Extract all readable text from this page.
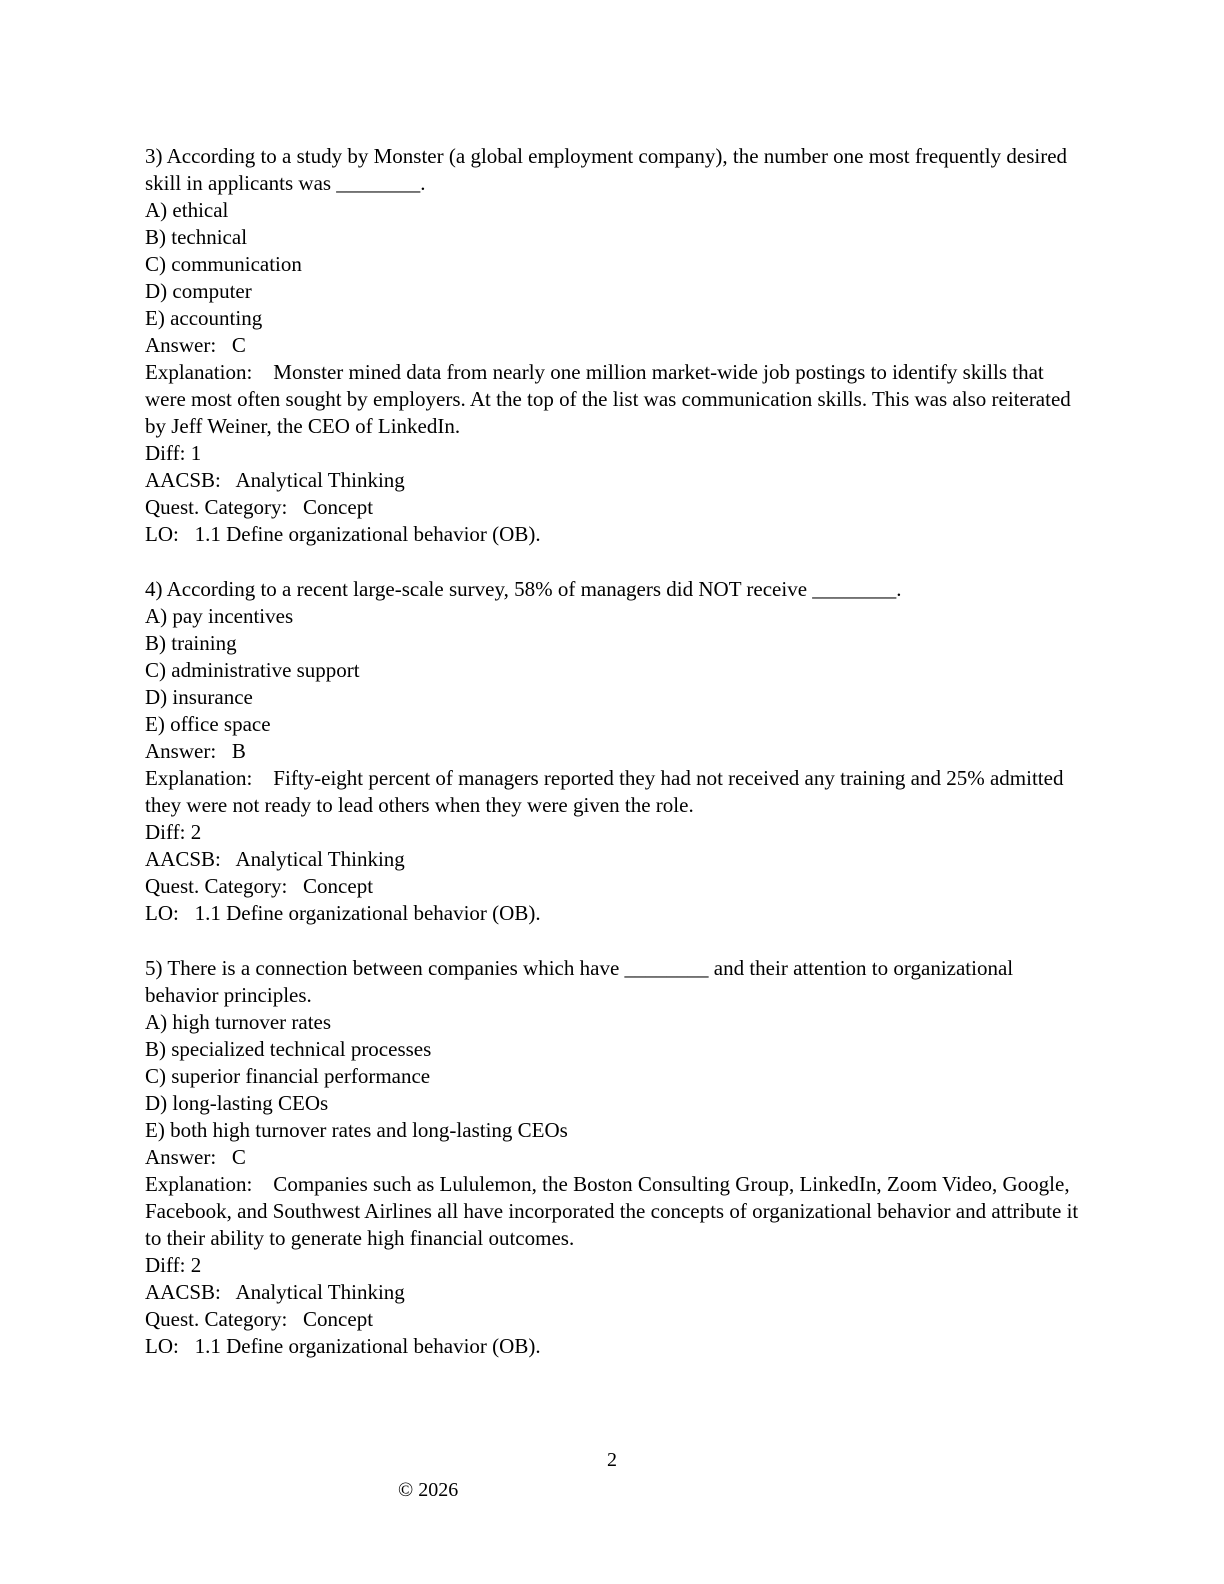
3) According to a study by Monster (a global employment company), the number one most frequently desired skill in applicants was ________.
A) ethical
B) technical
C) communication
D) computer
E) accounting
Answer:   C
Explanation:    Monster mined data from nearly one million market-wide job postings to identify skills that were most often sought by employers. At the top of the list was communication skills. This was also reiterated by Jeff Weiner, the CEO of LinkedIn.
Diff: 1
AACSB:   Analytical Thinking
Quest. Category:   Concept
LO:   1.1 Define organizational behavior (OB).
4) According to a recent large-scale survey, 58% of managers did NOT receive ________.
A) pay incentives
B) training
C) administrative support
D) insurance
E) office space
Answer:   B
Explanation:    Fifty-eight percent of managers reported they had not received any training and 25% admitted they were not ready to lead others when they were given the role.
Diff: 2
AACSB:   Analytical Thinking
Quest. Category:   Concept
LO:   1.1 Define organizational behavior (OB).
5) There is a connection between companies which have ________ and their attention to organizational behavior principles.
A) high turnover rates
B) specialized technical processes
C) superior financial performance
D) long-lasting CEOs
E) both high turnover rates and long-lasting CEOs
Answer:   C
Explanation:    Companies such as Lululemon, the Boston Consulting Group, LinkedIn, Zoom Video, Google, Facebook, and Southwest Airlines all have incorporated the concepts of organizational behavior and attribute it to their ability to generate high financial outcomes.
Diff: 2
AACSB:   Analytical Thinking
Quest. Category:   Concept
LO:   1.1 Define organizational behavior (OB).
2
© 2026
